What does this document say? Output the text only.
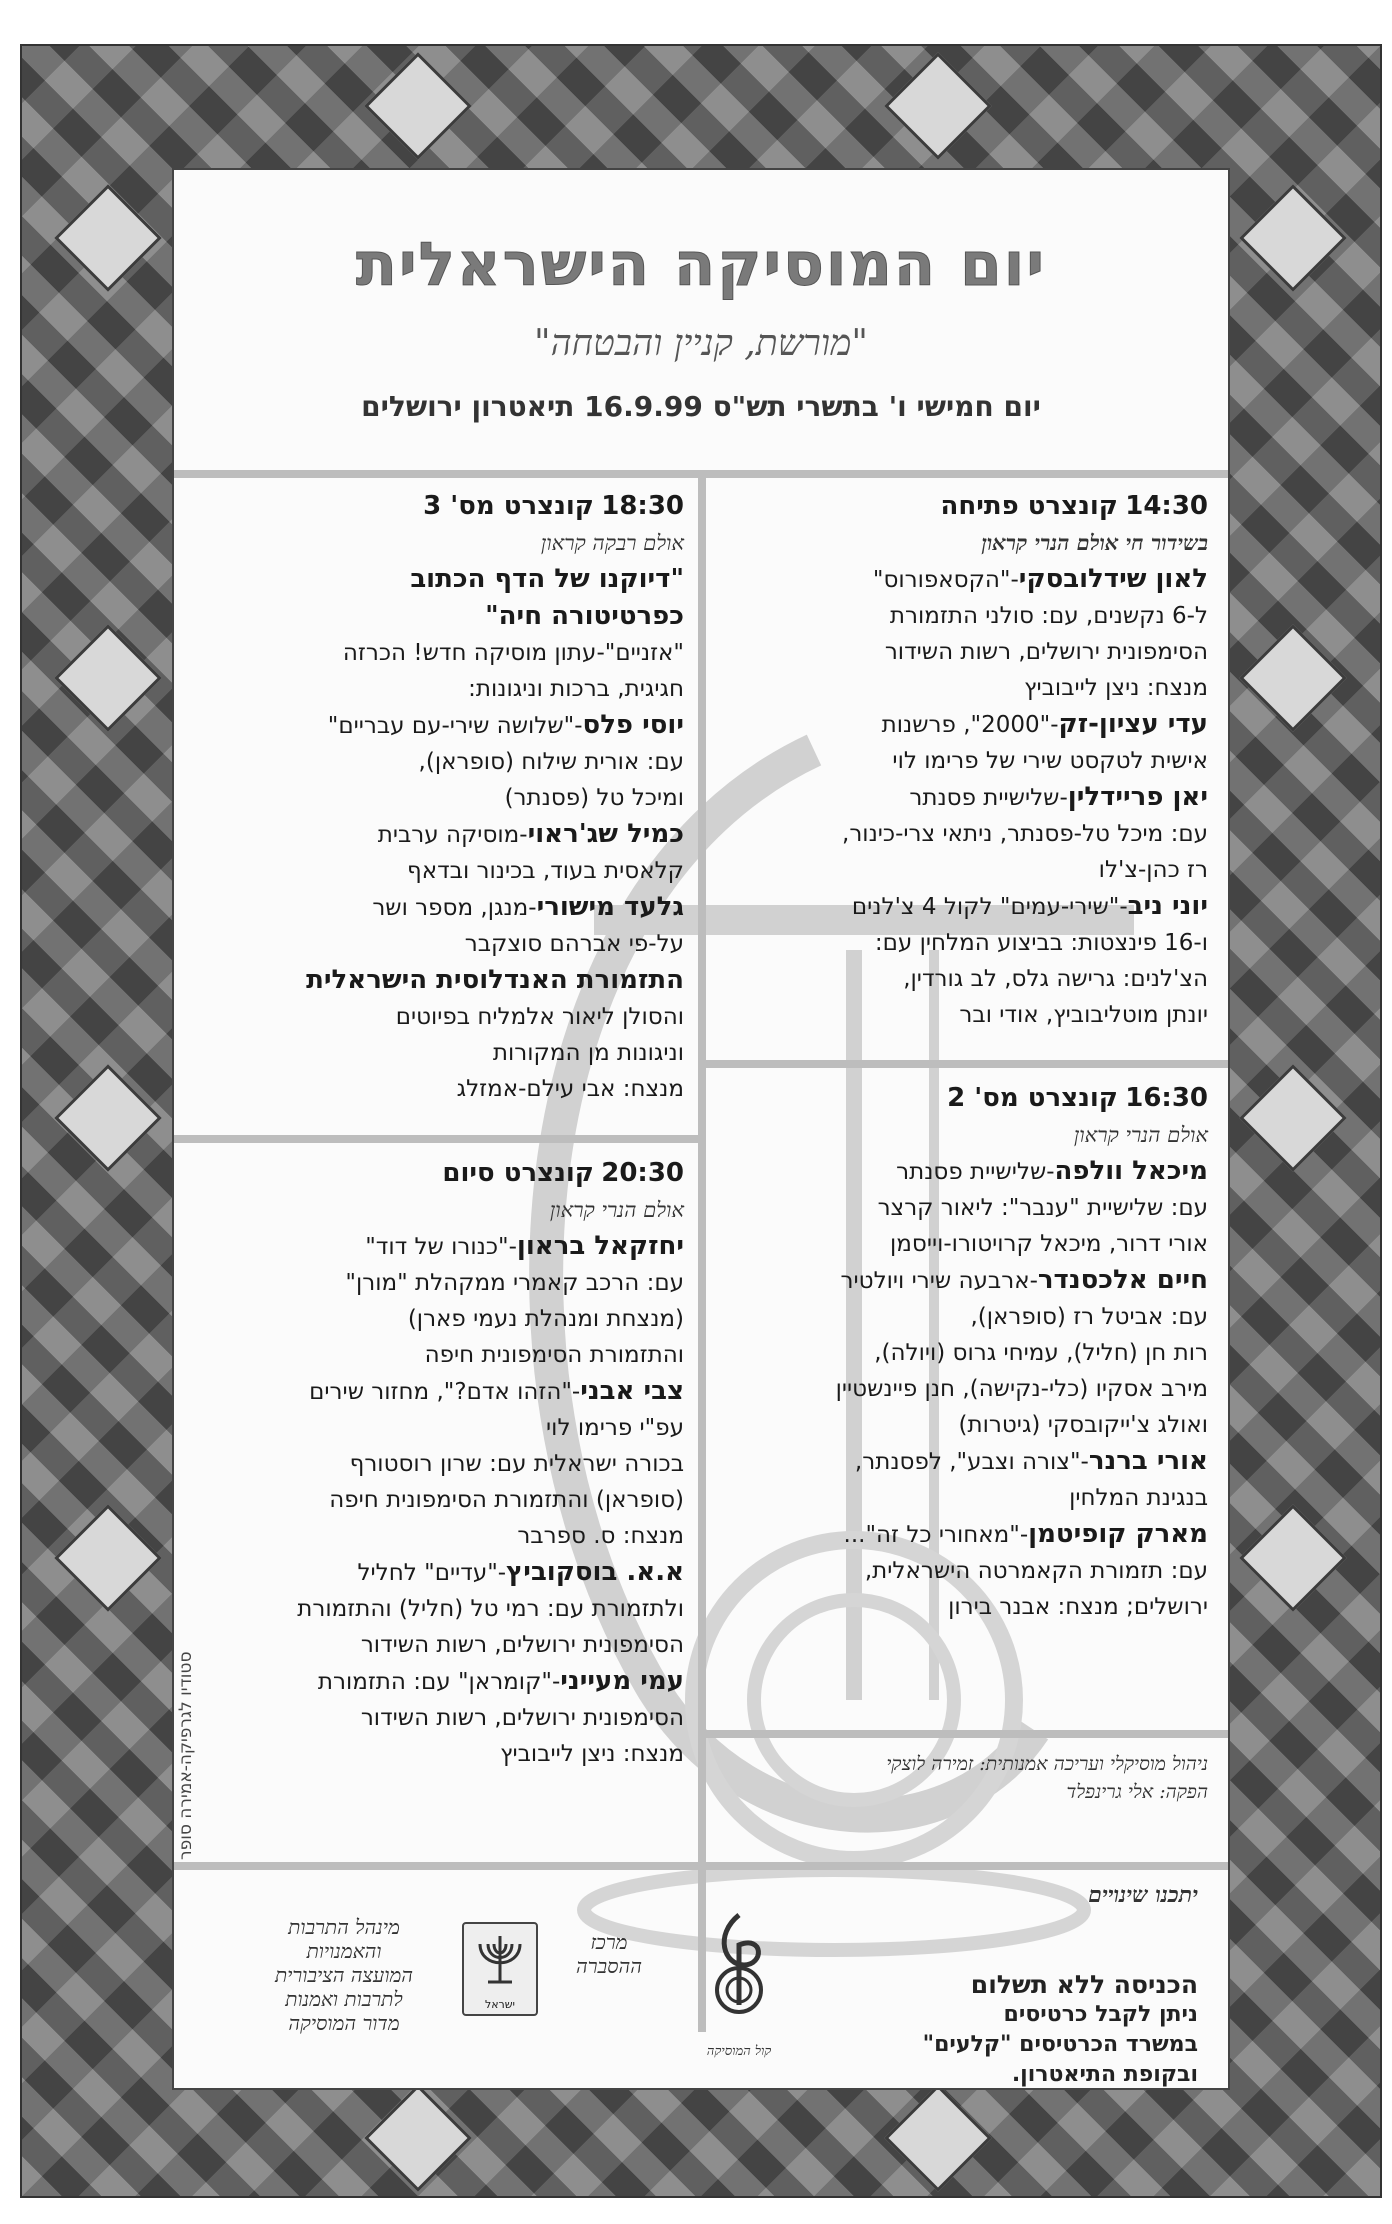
יום המוסיקה הישראלית
"מורשת, קניין והבטחה"
יום חמישי ו' בתשרי תש"ס 16.9.99 תיאטרון ירושלים
14:30 קונצרט פתיחה
בשידור חי אולם הנרי קראון
לאון שידלובסקי-"הקסאפורוס"
ל-6 נקשנים, עם: סולני התזמורת
הסימפונית ירושלים, רשות השידור
מנצח: ניצן לייבוביץ
עדי עציון-זק-"2000", פרשנות
אישית לטקסט שירי של פרימו לוי
יאן פריידלין-שלישיית פסנתר
עם: מיכל טל-פסנתר, ניתאי צרי-כינור,
רז כהן-צ'לו
יוני ניב-"שירי-עמים" לקול 4 צ'לנים
ו-16 פינצטות: בביצוע המלחין עם:
הצ'לנים: גרישה גלס, לב גורדין,
יונתן מוטליבוביץ, אודי ובר
18:30 קונצרט מס' 3
אולם רבקה קראון
"דיוקנו של הדף הכתוב
כפרטיטורה חיה"
"אזניים"-עתון מוסיקה חדש! הכרזה
חגיגית, ברכות וניגונות:
יוסי פלס-"שלושה שירי-עם עבריים"
עם: אורית שילוח (סופראן),
ומיכל טל (פסנתר)
כמיל שג'ראוי-מוסיקה ערבית
קלאסית בעוד, בכינור ובדאף
גלעד מישורי-מנגן, מספר ושר
על-פי אברהם סוצקבר
התזמורת האנדלוסית הישראלית
והסולן ליאור אלמליח בפיוטים
וניגונות מן המקורות
מנצח: אבי עילם-אמזלג	16:30 קונצרט מס' 2
אולם הנרי קראון
מיכאל וולפה-שלישיית פסנתר
עם: שלישיית "ענבר": ליאור קרצר
אורי דרור, מיכאל קרויטורו-וייסמן
חיים אלכסנדר-ארבעה שירי ויולטיר
עם: אביטל רז (סופראן),
רות חן (חליל), עמיחי גרוס (ויולה),
מירב אסקיו (כלי-נקישה), חנן פיינשטיין
ואולג צ'ייקובסקי (גיטרות)
אורי ברנר-"צורה וצבע", לפסנתר,
בנגינת המלחין
מארק קופיטמן-"מאחורי כל זה"...
עם: תזמורת הקאמרטה הישראלית,
ירושלים; מנצח: אבנר בירון
20:30 קונצרט סיום
אולם הנרי קראון
יחזקאל בראון-"כנורו של דוד"
עם: הרכב קאמרי ממקהלת "מורן"
(מנצחת ומנהלת נעמי פארן)
והתזמורת הסימפונית חיפה
צבי אבני-"הזהו אדם?", מחזור שירים
עפ"י פרימו לוי
בכורה ישראלית עם: שרון רוסטורף
(סופראן) והתזמורת הסימפונית חיפה
מנצח: ס. ספרבר
א.א. בוסקוביץ-"עדיים" לחליל
ולתזמורת עם: רמי טל (חליל) והתזמורת
הסימפונית ירושלים, רשות השידור
עמי מעייני-"קומראן" עם: התזמורת
הסימפונית ירושלים, רשות השידור
מנצח: ניצן לייבוביץ	ניהול מוסיקלי ועריכה אמנותית: זמירה לוצקי
הפקה: אלי גרינפלד
יתכנו שינויים
הכניסה ללא תשלום
ניתן לקבל כרטיסים
במשרד הכרטיסים "קלעים"
ובקופת התיאטרון.
קול המוסיקה
מרכז
ההסברה
ישראל
מינהל התרבות
והאמנויות
המועצה הציבורית
לתרבות ואמנות
מדור המוסיקה
סטודיו לגרפיקה-אמירה סופר
